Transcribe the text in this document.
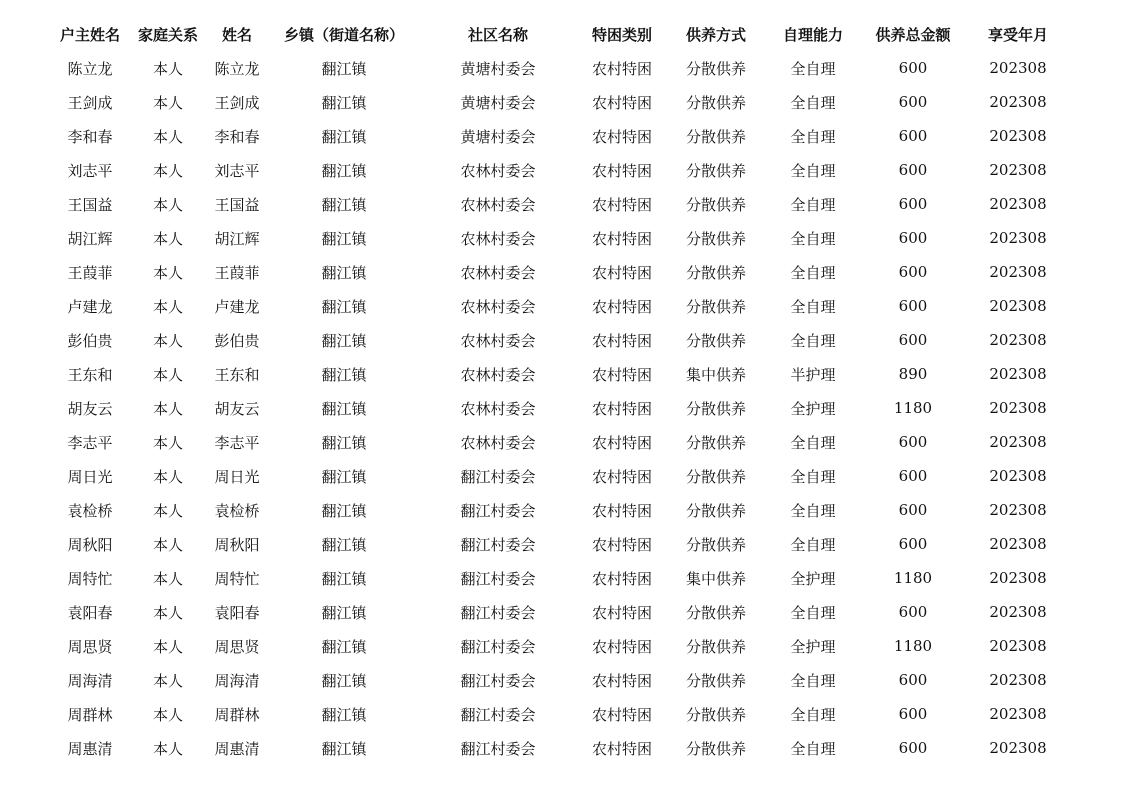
户主姓名	家庭关系	姓名	乡镇（街道名称）	社区名称	特困类别	供养方式	自理能力	供养总金额	享受年月
陈立龙	本人	陈立龙	翻江镇	黄塘村委会	农村特困	分散供养	全自理	600	202308
王剑成	本人	王剑成	翻江镇	黄塘村委会	农村特困	分散供养	全自理	600	202308
李和春	本人	李和春	翻江镇	黄塘村委会	农村特困	分散供养	全自理	600	202308
刘志平	本人	刘志平	翻江镇	农林村委会	农村特困	分散供养	全自理	600	202308
王国益	本人	王国益	翻江镇	农林村委会	农村特困	分散供养	全自理	600	202308
胡江辉	本人	胡江辉	翻江镇	农林村委会	农村特困	分散供养	全自理	600	202308
王葭菲	本人	王葭菲	翻江镇	农林村委会	农村特困	分散供养	全自理	600	202308
卢建龙	本人	卢建龙	翻江镇	农林村委会	农村特困	分散供养	全自理	600	202308
彭伯贵	本人	彭伯贵	翻江镇	农林村委会	农村特困	分散供养	全自理	600	202308
王东和	本人	王东和	翻江镇	农林村委会	农村特困	集中供养	半护理	890	202308
胡友云	本人	胡友云	翻江镇	农林村委会	农村特困	分散供养	全护理	1180	202308
李志平	本人	李志平	翻江镇	农林村委会	农村特困	分散供养	全自理	600	202308
周日光	本人	周日光	翻江镇	翻江村委会	农村特困	分散供养	全自理	600	202308
袁检桥	本人	袁检桥	翻江镇	翻江村委会	农村特困	分散供养	全自理	600	202308
周秋阳	本人	周秋阳	翻江镇	翻江村委会	农村特困	分散供养	全自理	600	202308
周特忙	本人	周特忙	翻江镇	翻江村委会	农村特困	集中供养	全护理	1180	202308
袁阳春	本人	袁阳春	翻江镇	翻江村委会	农村特困	分散供养	全自理	600	202308
周思贤	本人	周思贤	翻江镇	翻江村委会	农村特困	分散供养	全护理	1180	202308
周海清	本人	周海清	翻江镇	翻江村委会	农村特困	分散供养	全自理	600	202308
周群林	本人	周群林	翻江镇	翻江村委会	农村特困	分散供养	全自理	600	202308
周惠清	本人	周惠清	翻江镇	翻江村委会	农村特困	分散供养	全自理	600	202308
